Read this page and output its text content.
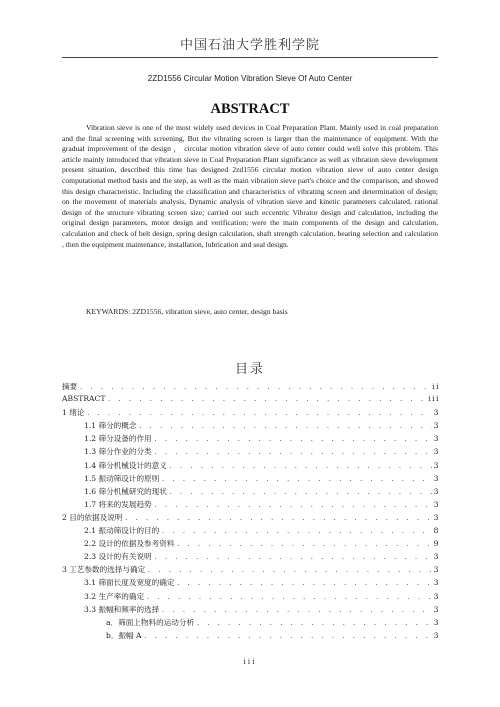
中国石油大学胜利学院
2ZD1556 Circular Motion Vibration Sieve Of Auto Center
ABSTRACT

Vibration sieve is one of the most widely used devices in Coal Preparation Plant. Mainly used in coal preparation and the final screening with screening, But the vibrating screen is larger than the maintenance of equipment. With the gradual improvement of the design ， circular motion vibration sieve of auto center could well solve this problem. This article mainly introduced that vibration sieve in Coal Preparation Plant significance as well as vibration sieve development present situation, described this time has designed 2zd1556 circular motion vibration sieve of auto center design computational method basis and the step, as well as the main vibration sieve part's choice and the comparison, and showed this design characteristic. Including the classification and characteristics of vibrating screen and determination of design; on the movement of materials analysis, Dynamic analysis of vibration sieve and kinetic parameters calculated, rational design of the structure vibrating screen size; carried out such eccentric Vibrator design and calculation, including the original design parameters, motor design and verification; were the main components of the design and calculation, calculation and check of belt design, spring design calculation, shaft strength calculation, bearing selection and calculation , then the equipment maintenance, installation, lubrication and seal design.

KEYWARDS: 2ZD1556, vibration sieve, auto center, design basis
目录
摘要 . . .	ii
ABSTRACT . . .	iii
1 绪论 . . .	3
1.1 筛分的概念 . . .	3
1.2 筛分设备的作用 . . .	3
1.3 筛分作业的分类 . . .	3
1.4 筛分机械设计的意义 . . .	3
1.5 振动筛设计的原则 . . .	3
1.6 筛分机械研究的现状 . . .	3
1.7 将来的发展趋势 . . .	3
2 目的依据及说明 . . .	3
2.1 振动筛设计的目的 . . .	8
2.2 设计的依据及参考资料 . . .	9
2.3 设计的有关说明 . . .	3
3 工艺参数的选择与确定 . . .	3
3.1 筛面长度及宽度的确定 . . .	3
3.2 生产率的确定 . . .	3
3.3 振幅和频率的选择 . . .	3
a．筛面上物料的运动分析 . . .	3
b．振幅 A . . .	3
iii
